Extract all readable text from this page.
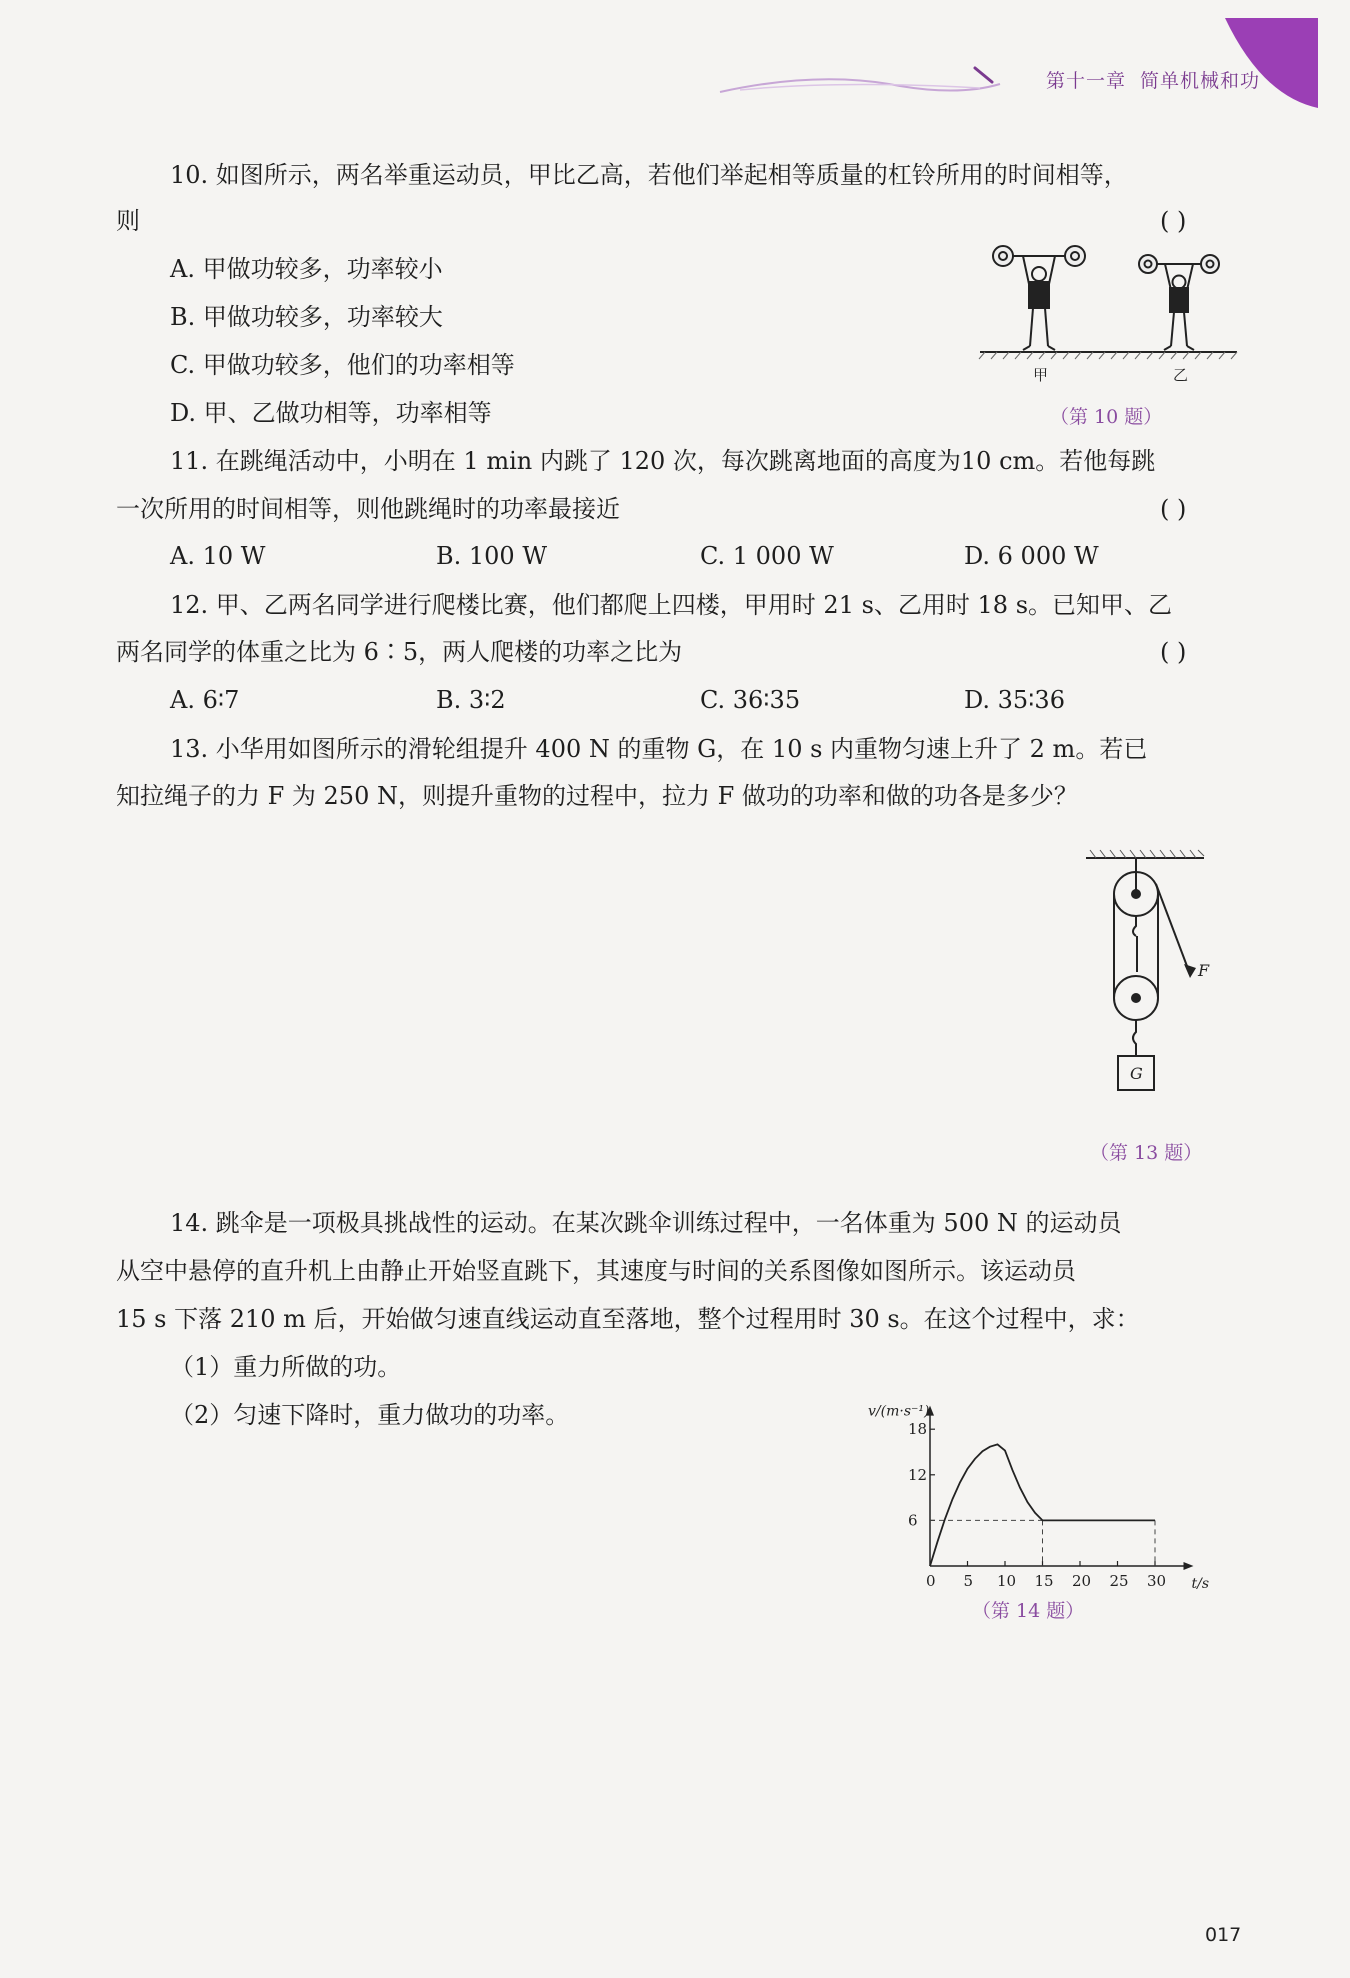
第十一章 简单机械和功
10. 如图所示，两名举重运动员，甲比乙高，若他们举起相等质量的杠铃所用的时间相等，
则	( )
A. 甲做功较多，功率较小
B. 甲做功较多，功率较大
C. 甲做功较多，他们的功率相等
D. 甲、乙做功相等，功率相等
甲	乙
（第 10 题）
11. 在跳绳活动中，小明在 1 min 内跳了 120 次，每次跳离地面的高度为10 cm。若他每跳
一次所用的时间相等，则他跳绳时的功率最接近	( )
A. 10 W	B. 100 W	C. 1 000 W	D. 6 000 W
12. 甲、乙两名同学进行爬楼比赛，他们都爬上四楼，甲用时 21 s、乙用时 18 s。已知甲、乙
两名同学的体重之比为 6∶5，两人爬楼的功率之比为	( )
A. 6∶7	B. 3∶2	C. 36∶35	D. 35∶36
13. 小华用如图所示的滑轮组提升 400 N 的重物 G，在 10 s 内重物匀速上升了 2 m。若已
知拉绳子的力 F 为 250 N，则提升重物的过程中，拉力 F 做功的功率和做的功各是多少？
F
G
（第 13 题）
14. 跳伞是一项极具挑战性的运动。在某次跳伞训练过程中，一名体重为 500 N 的运动员
从空中悬停的直升机上由静止开始竖直跳下，其速度与时间的关系图像如图所示。该运动员
15 s 下落 210 m 后，开始做匀速直线运动直至落地，整个过程用时 30 s。在这个过程中，求：
（1）重力所做的功。
（2）匀速下降时，重力做功的功率。
0 5 10 15 20 25 30
6
12
18
v/(m·s⁻¹)
t/s
（第 14 题）
017
